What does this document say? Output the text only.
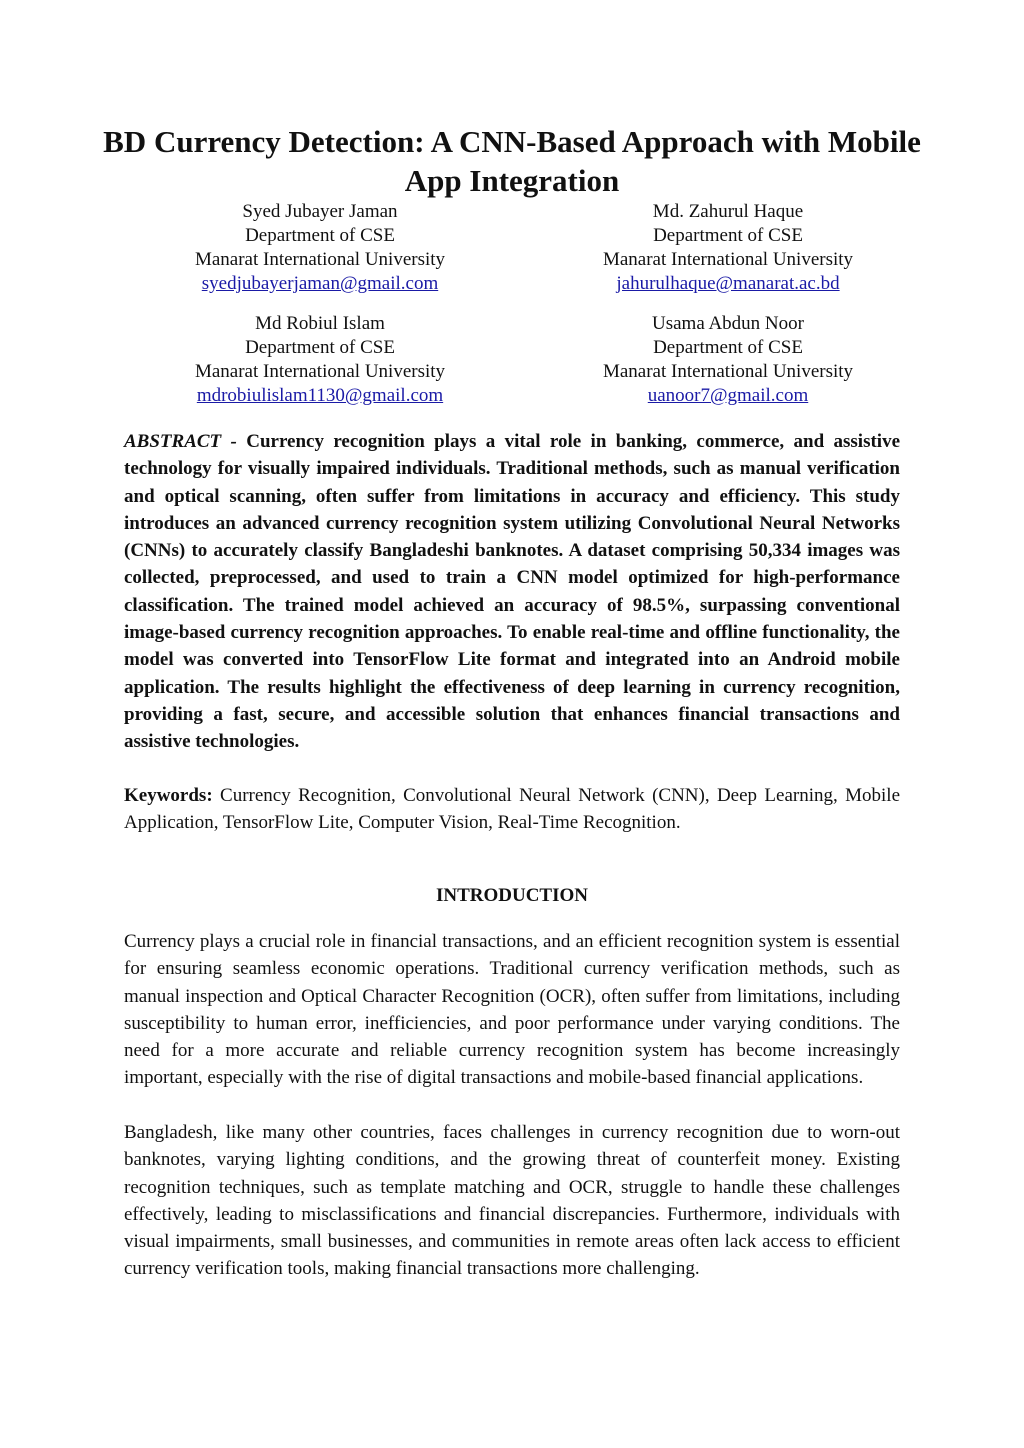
BD Currency Detection: A CNN-Based Approach with Mobile App Integration
Syed Jubayer Jaman
Department of CSE
Manarat International University
syedjubayerjaman@gmail.com
Md. Zahurul Haque
Department of CSE
Manarat International University
jahurulhaque@manarat.ac.bd
Md Robiul Islam
Department of CSE
Manarat International University
mdrobiulislam1130@gmail.com
Usama Abdun Noor
Department of CSE
Manarat International University
uanoor7@gmail.com
ABSTRACT - Currency recognition plays a vital role in banking, commerce, and assistive technology for visually impaired individuals. Traditional methods, such as manual verification and optical scanning, often suffer from limitations in accuracy and efficiency. This study introduces an advanced currency recognition system utilizing Convolutional Neural Networks (CNNs) to accurately classify Bangladeshi banknotes. A dataset comprising 50,334 images was collected, preprocessed, and used to train a CNN model optimized for high-performance classification. The trained model achieved an accuracy of 98.5%, surpassing conventional image-based currency recognition approaches. To enable real-time and offline functionality, the model was converted into TensorFlow Lite format and integrated into an Android mobile application. The results highlight the effectiveness of deep learning in currency recognition, providing a fast, secure, and accessible solution that enhances financial transactions and assistive technologies.
Keywords: Currency Recognition, Convolutional Neural Network (CNN), Deep Learning, Mobile Application, TensorFlow Lite, Computer Vision, Real-Time Recognition.
INTRODUCTION
Currency plays a crucial role in financial transactions, and an efficient recognition system is essential for ensuring seamless economic operations. Traditional currency verification methods, such as manual inspection and Optical Character Recognition (OCR), often suffer from limitations, including susceptibility to human error, inefficiencies, and poor performance under varying conditions. The need for a more accurate and reliable currency recognition system has become increasingly important, especially with the rise of digital transactions and mobile-based financial applications.
Bangladesh, like many other countries, faces challenges in currency recognition due to worn-out banknotes, varying lighting conditions, and the growing threat of counterfeit money. Existing recognition techniques, such as template matching and OCR, struggle to handle these challenges effectively, leading to misclassifications and financial discrepancies. Furthermore, individuals with visual impairments, small businesses, and communities in remote areas often lack access to efficient currency verification tools, making financial transactions more challenging.
